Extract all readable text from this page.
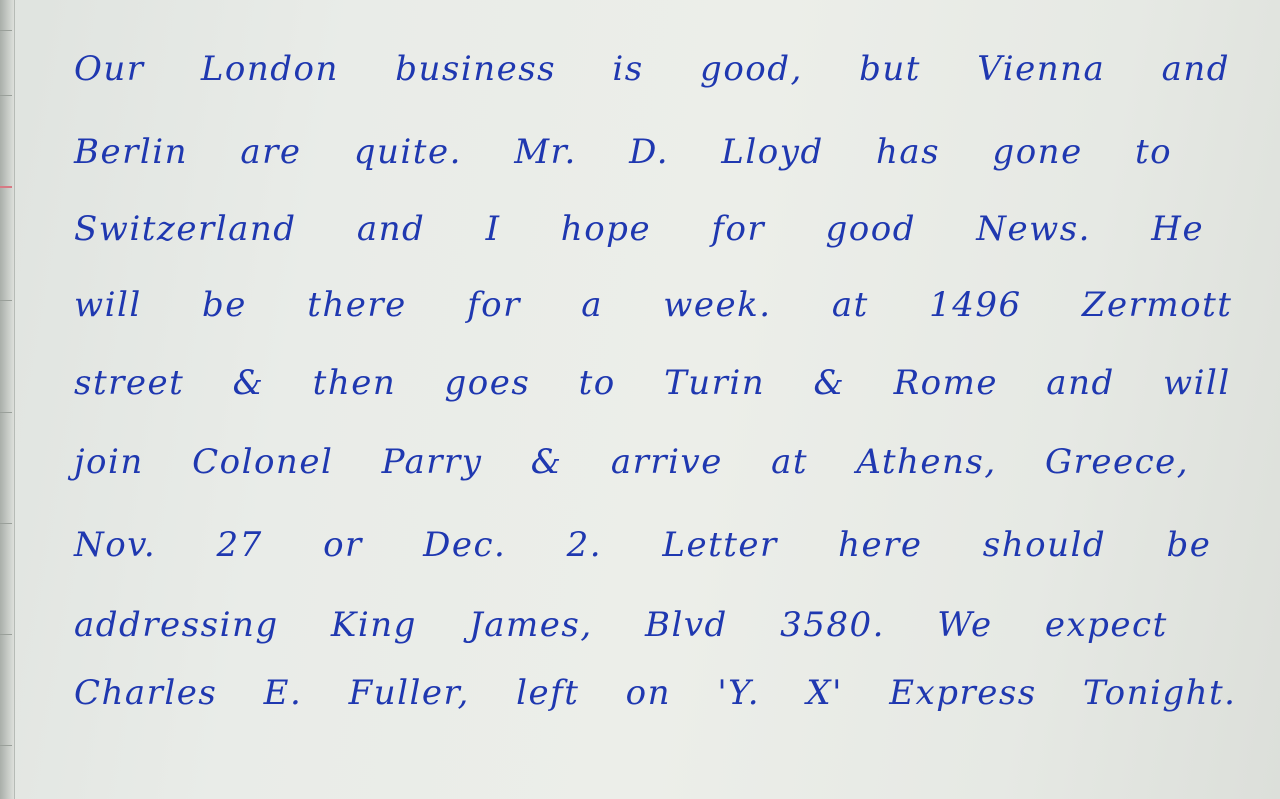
Our London business is good, but Vienna and
Berlin are quite. Mr. D. Lloyd has gone to
Switzerland and I hope for good News. He
will be there for a week. at 1496 Zermott
street & then goes to Turin & Rome and will
join Colonel Parry & arrive at Athens, Greece,
Nov. 27 or Dec. 2. Letter here should be
addressing King James, Blvd 3580. We expect
Charles E. Fuller, left on 'Y. X' Express Tonight.
